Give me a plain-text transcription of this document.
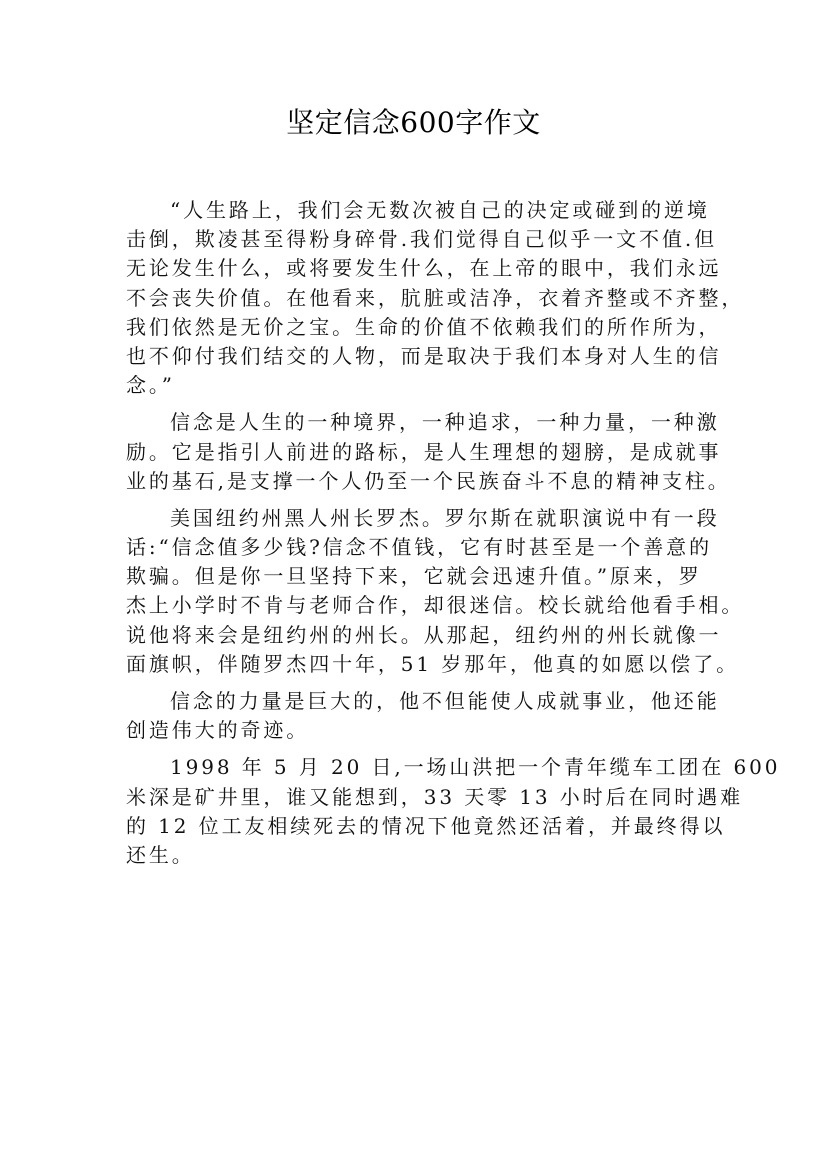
坚定信念600字作文
“人生路上，我们会无数次被自己的决定或碰到的逆境
击倒，欺凌甚至得粉身碎骨.我们觉得自己似乎一文不值.但
无论发生什么，或将要发生什么，在上帝的眼中，我们永远
不会丧失价值。在他看来，肮脏或洁净，衣着齐整或不齐整，
我们依然是无价之宝。生命的价值不依赖我们的所作所为，
也不仰付我们结交的人物，而是取决于我们本身对人生的信
念。”
信念是人生的一种境界，一种追求，一种力量，一种激
励。它是指引人前进的路标，是人生理想的翅膀，是成就事
业的基石,是支撑一个人仍至一个民族奋斗不息的精神支柱。
美国纽约州黑人州长罗杰。罗尔斯在就职演说中有一段
话:“信念值多少钱?信念不值钱，它有时甚至是一个善意的
欺骗。但是你一旦坚持下来，它就会迅速升值。”原来，罗
杰上小学时不肯与老师合作，却很迷信。校长就给他看手相。
说他将来会是纽约州的州长。从那起，纽约州的州长就像一
面旗帜，伴随罗杰四十年，51 岁那年，他真的如愿以偿了。
信念的力量是巨大的，他不但能使人成就事业，他还能
创造伟大的奇迹。
1998 年 5 月 20 日,一场山洪把一个青年缆车工团在 600
米深是矿井里，谁又能想到，33 天零 13 小时后在同时遇难
的 12 位工友相续死去的情况下他竟然还活着，并最终得以
还生。
